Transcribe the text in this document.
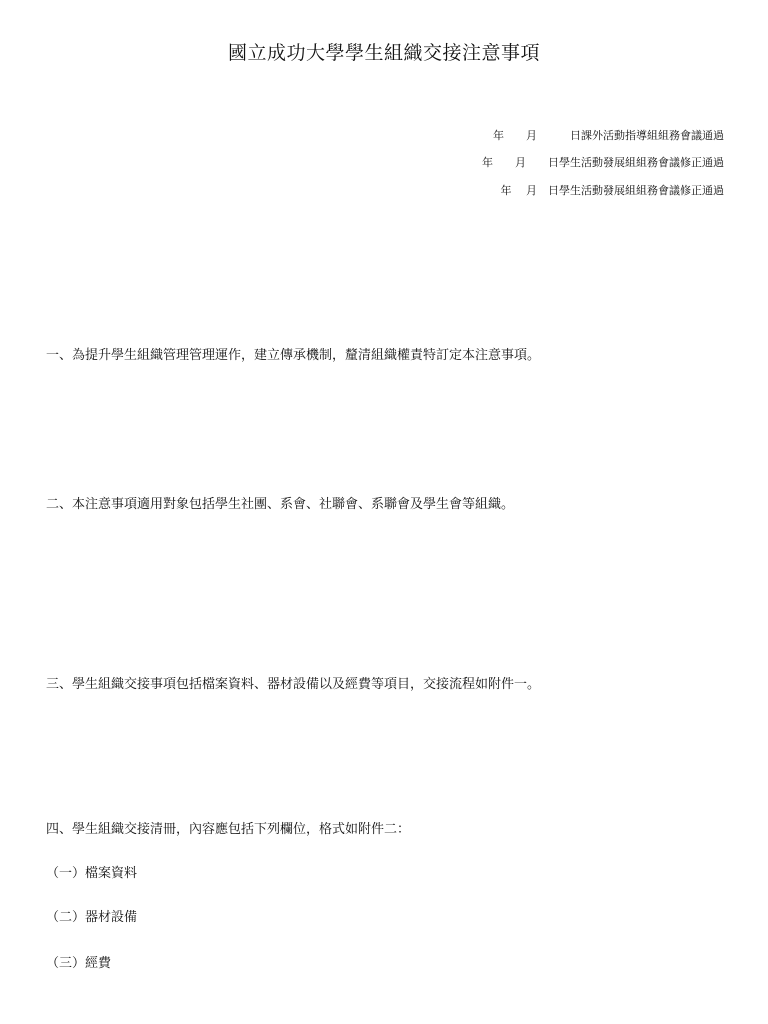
國立成功大學學生組織交接注意事項
年　　月　　　日課外活動指導組組務會議通過
年　　月　　日學生活動發展組組務會議修正通過
年　 月　日學生活動發展組組務會議修正通過
一、為提升學生組織管理管理運作，建立傳承機制，釐清組織權責特訂定本注意事項。
二、本注意事項適用對象包括學生社團、系會、社聯會、系聯會及學生會等組織。
三、學生組織交接事項包括檔案資料、器材設備以及經費等項目，交接流程如附件一。
四、學生組織交接清冊，內容應包括下列欄位，格式如附件二：
（一）檔案資料
（二）器材設備
（三）經費
